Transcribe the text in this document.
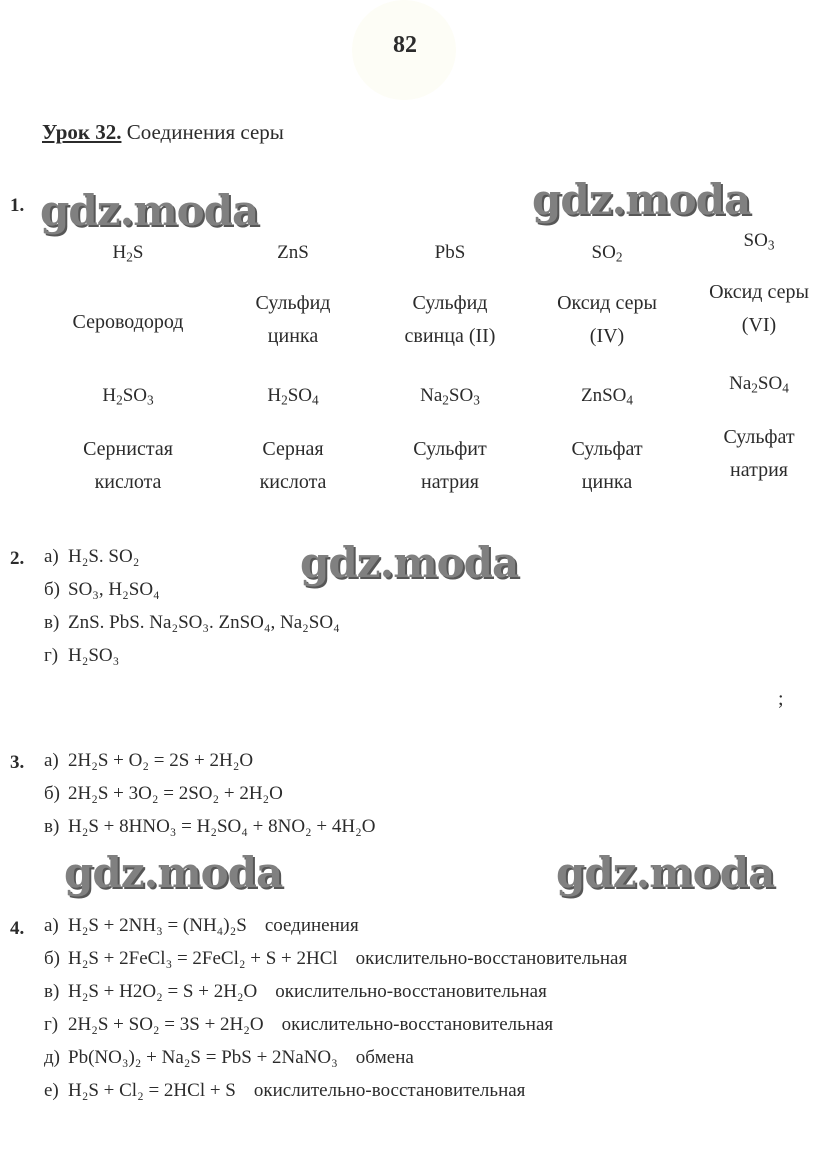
82
Урок 32. Соединения серы
gdz.moda	gdz.moda
gdz.moda
gdz.moda	gdz.moda
1.
$H_2S$
Сероводород
ZnS
Сульфид
цинка
PbS
Сульфид
свинца (II)
$SO_2$
Оксид серы
(IV)
$SO_3$
Оксид серы
(VI)
$H_2SO_3$
Сернистая
кислота
$H_2SO_4$
Серная
кислота
$Na_2SO_3$
Сульфит
натрия
ZnSO$_4$
Сульфат
цинка
$Na_2SO_4$
Сульфат
натрия
2. а) H₂S. SO₂
б) SO₃, H₂SO₄
в) ZnS. PbS. Na₂SO₃. ZnSO₄, Na₂SO₄
г) H₂SO₃
;
3. а) 2H₂S + O₂ = 2S + 2H₂O
б) 2H₂S + 3O₂ = 2SO₂ + 2H₂O
в) H₂S + 8HNO₃ = H₂SO₄ + 8NO₂ + 4H₂O
4. а) H₂S + 2NH₃ = (NH₄)₂S соединения
б) H₂S + 2FeCl₃ = 2FeCl₂ + S + 2HCl окислительно-восстановительная
в) H₂S + H2O₂ = S + 2H₂O окислительно-восстановительная
г) 2H₂S + SO₂ = 3S + 2H₂O окислительно-восстановительная
д) Pb(NO₃)₂ + Na₂S = PbS + 2NaNO₃ обмена
е) H₂S + Cl₂ = 2HCl + S окислительно-восстановительная
